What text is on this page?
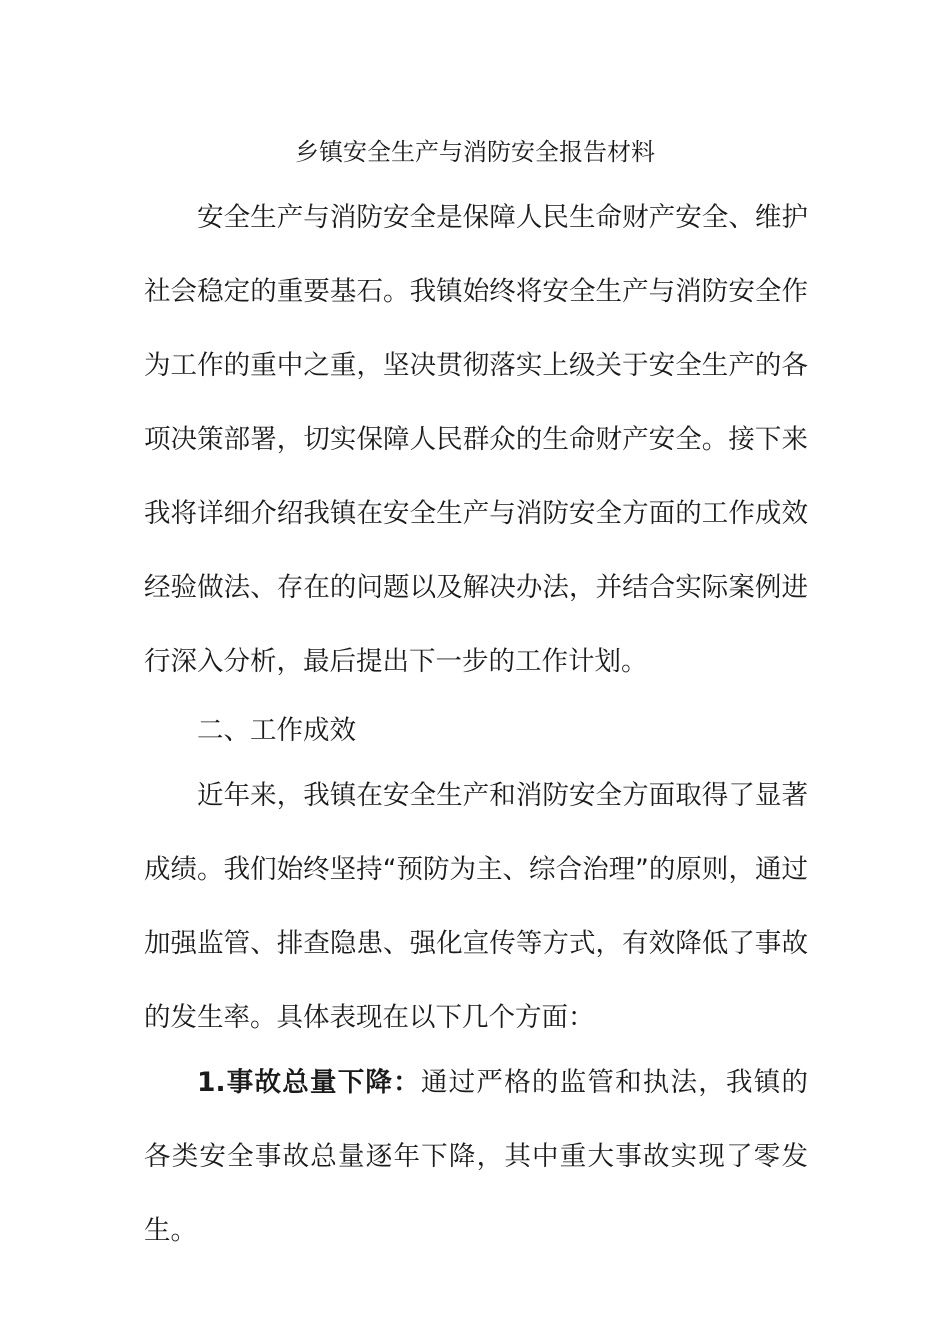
乡镇安全生产与消防安全报告材料

安全生产与消防安全是保障人民生命财产安全、维护社会稳定的重要基石。我镇始终将安全生产与消防安全作为工作的重中之重，坚决贯彻落实上级关于安全生产的各项决策部署，切实保障人民群众的生命财产安全。接下来我将详细介绍我镇在安全生产与消防安全方面的工作成效经验做法、存在的问题以及解决办法，并结合实际案例进行深入分析，最后提出下一步的工作计划。

二、工作成效

近年来，我镇在安全生产和消防安全方面取得了显著成绩。我们始终坚持“预防为主、综合治理”的原则，通过加强监管、排查隐患、强化宣传等方式，有效降低了事故的发生率。具体表现在以下几个方面：

1.事故总量下降：通过严格的监管和执法，我镇的各类安全事故总量逐年下降，其中重大事故实现了零发生。
